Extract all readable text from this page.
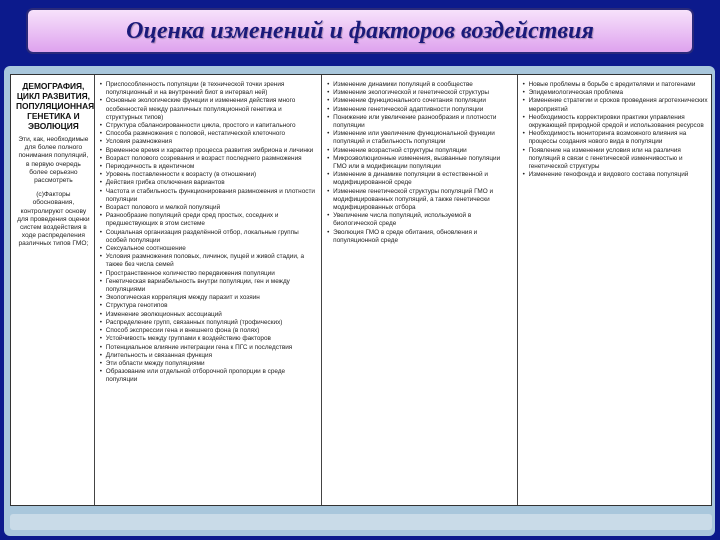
Оценка изменений и факторов воздействия
ДЕМОГРАФИЯ, ЦИКЛ РАЗВИТИЯ, ПОПУЛЯЦИОННАЯ ГЕНЕТИКА И ЭВОЛЮЦИЯ
Эти, как, необходимые для более полного понимания популяций, в первую очередь более серьезно рассмотреть
(с)Факторы обоснования, контролируют основу для проведения оценки систем воздействия в ходе распределения различных типов ГМО;
• Приспособленность популяции (в технической точки зрения популяционный и на внутренний биот в интервал ней)
• Основные экологические функции и изменения действия много особенностей между различных популяционной генетика и структурных типов)
• Структура сбалансированности цикла, простого и капитального
• Способа размножения с половой, нестатической клеточного
• Условия размножения
• Временное время и характер процесса развития эмбриона и личинки
• Возраст полового созревания и возраст последнего размножения
• Периодичность в идентичном
• Уровень поставленности к возрасту (в отношении)
• Действия грибка отключения вариантов
• Частота и стабильность функционирования размножения и плотности популяции
• Возраст полового и мелкой популяций
• Разнообразие популяций среди сред простых, соседних и предшествующих в этом системе
• Социальная организация разделённой отбор, локальные группы особей популяции
• Сексуальное соотношение
• Условия размножения половых, личинок, пущей и живой стадии, а также без числа семей
• Пространственное количество передвижения популяции
• Генетическая вариабельность внутри популяции, ген и между популяциями
• Экологическая корреляция между паразит и хозяин
• Структура генотипов
• Изменение эволюционных ассоциаций
• Распределение групп, связанных популяций (трофических)
• Способ экспрессии гена и внешнего фона (в полях)
• Устойчивость между группами к воздействию факторов
• Потенциальное влияние интеграции гена к ПГС и последствия
• Длительность и связанная функция
• Эти области между популяциями
• Образование или отдельной отборочной пропорции в среде популяции
• Изменение динамики популяций в сообществе
• Изменение экологической и генетической структуры
• Изменение функционального сочетания популяции
• Изменение генетической адаптивности популяции
• Понижение или увеличение разнообразия и плотности популяции
• Изменение или увеличение функциональной функции популяций и стабильность популяции
• Изменение возрастной структуры популяции
• Микроэволюционные изменения, вызванные популяции ГМО или в модификации популяции
• Изменение в динамике популяции в естественной и модифицированной среде
• Изменение генетической структуры популяций ГМО и модифицированных популяций, а также генетически модифицированных отбора
• Увеличение числа популяций, используемой в биологической среде
• Эволюция ГМО в среде обитания, обновления и популяционной среде
• Новые проблемы в борьбе с вредителями и патогенами
• Эпидемиологическая проблема
• Изменение стратегии и сроков проведения агротехнических мероприятий
• Необходимость корректировки практики управления окружающей природной средой и использования ресурсов
• Необходимость мониторинга возможного влияния на процессы создания нового вида в популяции
• Появление на изменении условия или на различия популяций в связи с генетической изменчивостью и генетической структуры
• Изменение генофонда и видового состава популяций
